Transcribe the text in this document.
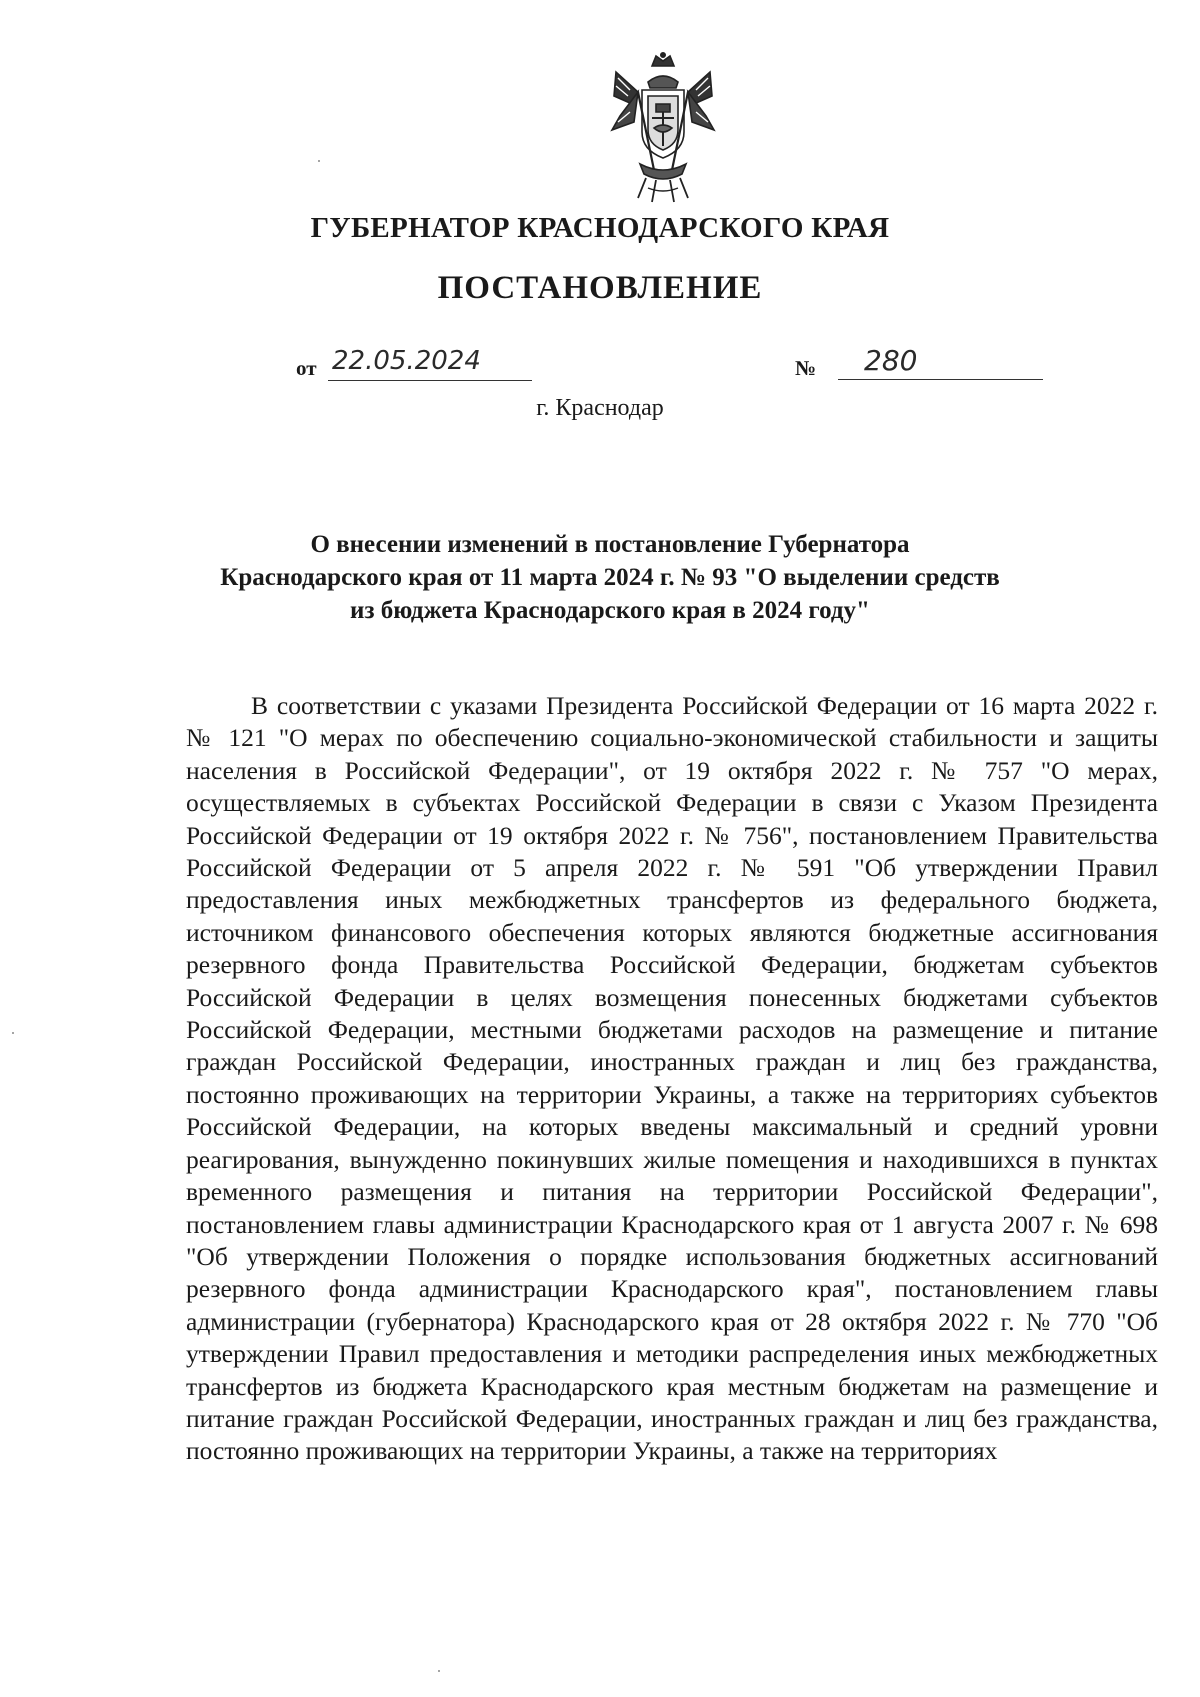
ГУБЕРНАТОР КРАСНОДАРСКОГО КРАЯ
ПОСТАНОВЛЕНИЕ
от 22.05.2024	№	280
г. Краснодар
О внесении изменений в постановление Губернатора Краснодарского края от 11 марта 2024 г. № 93 "О выделении средств из бюджета Краснодарского края в 2024 году"
В соответствии с указами Президента Российской Федерации от 16 марта 2022 г. № 121 "О мерах по обеспечению социально-экономической стабильности и защиты населения в Российской Федерации", от 19 октября 2022 г. № 757 "О мерах, осуществляемых в субъектах Российской Федерации в связи с Указом Президента Российской Федерации от 19 октября 2022 г. № 756", постановлением Правительства Российской Федерации от 5 апреля 2022 г. № 591 "Об утверждении Правил предоставления иных межбюджетных трансфертов из федерального бюджета, источником финансового обеспечения которых являются бюджетные ассигнования резервного фонда Правительства Российской Федерации, бюджетам субъектов Российской Федерации в целях возмещения понесенных бюджетами субъектов Российской Федерации, местными бюджетами расходов на размещение и питание граждан Российской Федерации, иностранных граждан и лиц без гражданства, постоянно проживающих на территории Украины, а также на территориях субъектов Российской Федерации, на которых введены максимальный и средний уровни реагирования, вынужденно покинувших жилые помещения и находившихся в пунктах временного размещения и питания на территории Российской Федерации", постановлением главы администрации Краснодарского края от 1 августа 2007 г. № 698 "Об утверждении Положения о порядке использования бюджетных ассигнований резервного фонда администрации Краснодарского края", постановлением главы администрации (губернатора) Краснодарского края от 28 октября 2022 г. № 770 "Об утверждении Правил предоставления и методики распределения иных межбюджетных трансфертов из бюджета Краснодарского края местным бюджетам на размещение и питание граждан Российской Федерации, иностранных граждан и лиц без гражданства, постоянно проживающих на территории Украины, а также на территориях
